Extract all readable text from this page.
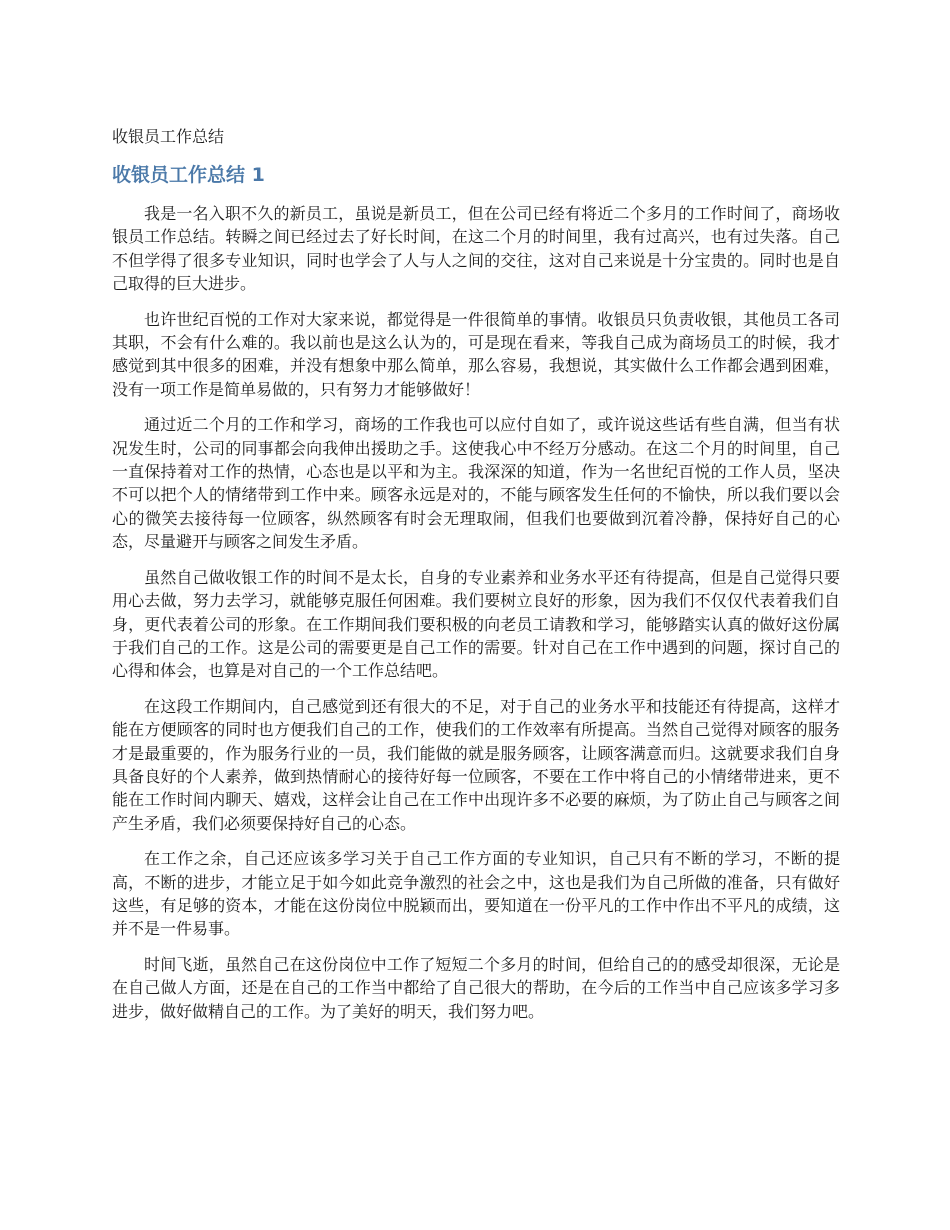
收银员工作总结
收银员工作总结 1

我是一名入职不久的新员工，虽说是新员工，但在公司已经有将近二个多月的工作时间了，商场收银员工作总结。转瞬之间已经过去了好长时间，在这二个月的时间里，我有过高兴，也有过失落。自己不但学得了很多专业知识，同时也学会了人与人之间的交往，这对自己来说是十分宝贵的。同时也是自己取得的巨大进步。

也许世纪百悦的工作对大家来说，都觉得是一件很简单的事情。收银员只负责收银，其他员工各司其职，不会有什么难的。我以前也是这么认为的，可是现在看来，等我自己成为商场员工的时候，我才感觉到其中很多的困难，并没有想象中那么简单，那么容易，我想说，其实做什么工作都会遇到困难，没有一项工作是简单易做的，只有努力才能够做好！

通过近二个月的工作和学习，商场的工作我也可以应付自如了，或许说这些话有些自满，但当有状况发生时，公司的同事都会向我伸出援助之手。这使我心中不经万分感动。在这二个月的时间里，自己一直保持着对工作的热情，心态也是以平和为主。我深深的知道，作为一名世纪百悦的工作人员，坚决不可以把个人的情绪带到工作中来。顾客永远是对的，不能与顾客发生任何的不愉快，所以我们要以会心的微笑去接待每一位顾客，纵然顾客有时会无理取闹，但我们也要做到沉着冷静，保持好自己的心态，尽量避开与顾客之间发生矛盾。

虽然自己做收银工作的时间不是太长，自身的专业素养和业务水平还有待提高，但是自己觉得只要用心去做，努力去学习，就能够克服任何困难。我们要树立良好的形象，因为我们不仅仅代表着我们自身，更代表着公司的形象。在工作期间我们要积极的向老员工请教和学习，能够踏实认真的做好这份属于我们自己的工作。这是公司的需要更是自己工作的需要。针对自己在工作中遇到的问题，探讨自己的心得和体会，也算是对自己的一个工作总结吧。

在这段工作期间内，自己感觉到还有很大的不足，对于自己的业务水平和技能还有待提高，这样才能在方便顾客的同时也方便我们自己的工作，使我们的工作效率有所提高。当然自己觉得对顾客的服务才是最重要的，作为服务行业的一员，我们能做的就是服务顾客，让顾客满意而归。这就要求我们自身具备良好的个人素养，做到热情耐心的接待好每一位顾客，不要在工作中将自己的小情绪带进来，更不能在工作时间内聊天、嬉戏，这样会让自己在工作中出现许多不必要的麻烦，为了防止自己与顾客之间产生矛盾，我们必须要保持好自己的心态。

在工作之余，自己还应该多学习关于自己工作方面的专业知识，自己只有不断的学习，不断的提高，不断的进步，才能立足于如今如此竞争激烈的社会之中，这也是我们为自己所做的准备，只有做好这些，有足够的资本，才能在这份岗位中脱颖而出，要知道在一份平凡的工作中作出不平凡的成绩，这并不是一件易事。

时间飞逝，虽然自己在这份岗位中工作了短短二个多月的时间，但给自己的的感受却很深，无论是在自己做人方面，还是在自己的工作当中都给了自己很大的帮助，在今后的工作当中自己应该多学习多进步，做好做精自己的工作。为了美好的明天，我们努力吧。
